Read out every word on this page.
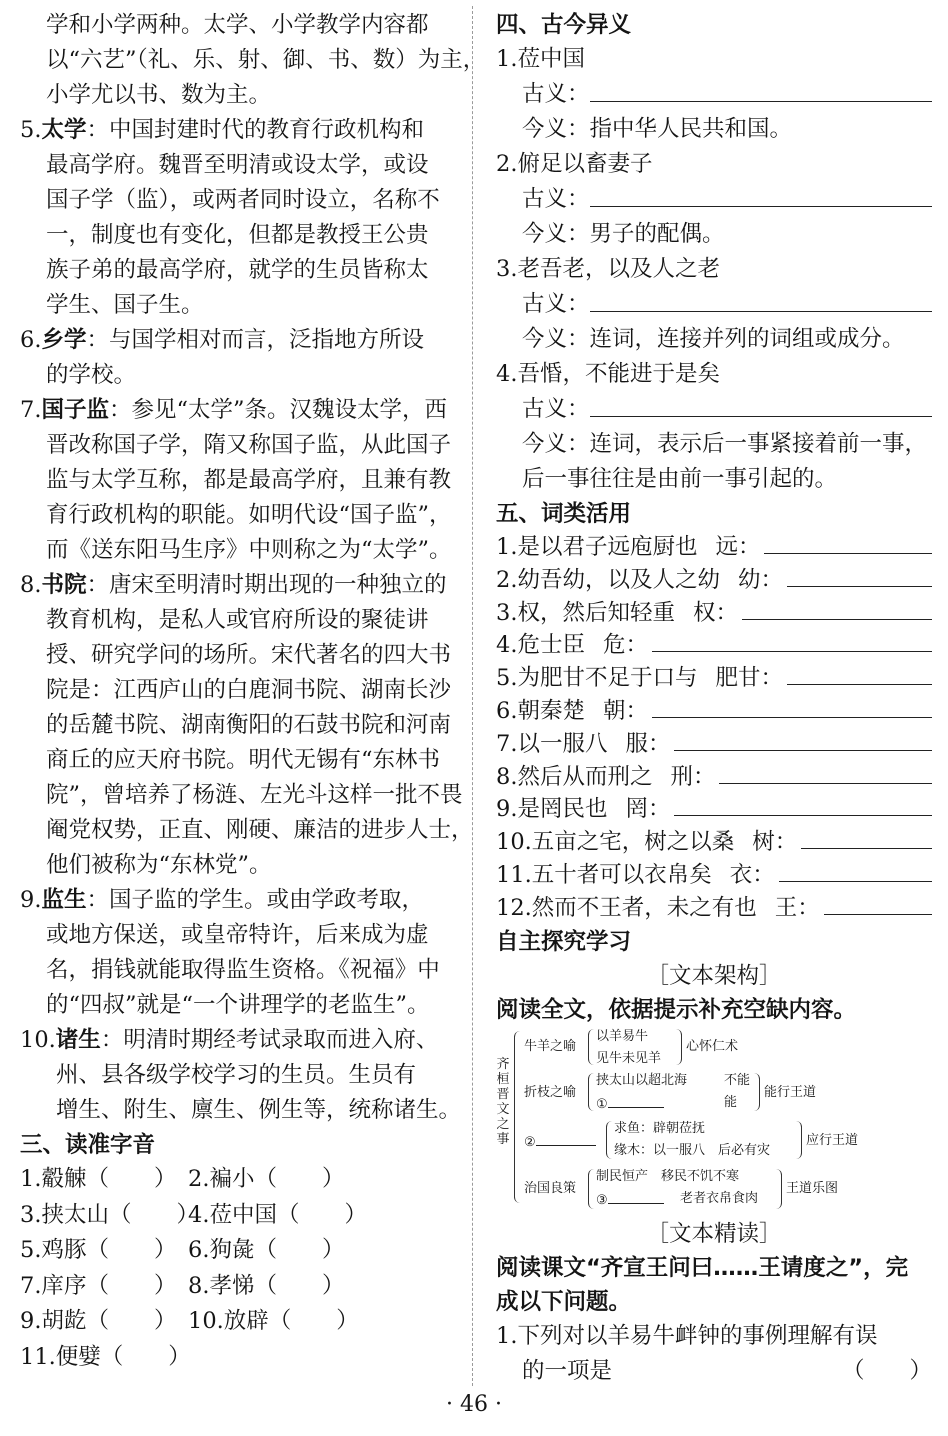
学和小学两种。太学、小学教学内容都
以“六艺”（礼、乐、射、御、书、数）为主，
小学尤以书、数为主。
5.太学：中国封建时代的教育行政机构和
最高学府。魏晋至明清或设太学，或设
国子学（监），或两者同时设立，名称不
一，制度也有变化，但都是教授王公贵
族子弟的最高学府，就学的生员皆称太
学生、国子生。
6.乡学：与国学相对而言，泛指地方所设
的学校。
7.国子监：参见“太学”条。汉魏设太学，西
晋改称国子学，隋又称国子监，从此国子
监与太学互称，都是最高学府，且兼有教
育行政机构的职能。如明代设“国子监”，
而《送东阳马生序》中则称之为“太学”。
8.书院：唐宋至明清时期出现的一种独立的
教育机构，是私人或官府所设的聚徒讲
授、研究学问的场所。宋代著名的四大书
院是：江西庐山的白鹿洞书院、湖南长沙
的岳麓书院、湖南衡阳的石鼓书院和河南
商丘的应天府书院。明代无锡有“东林书
院”，曾培养了杨涟、左光斗这样一批不畏
阉党权势，正直、刚硬、廉洁的进步人士，
他们被称为“东林党”。
9.监生：国子监的学生。或由学政考取，
或地方保送，或皇帝特许，后来成为虚
名，捐钱就能取得监生资格。《祝福》中
的“四叔”就是“一个讲理学的老监生”。
10.诸生：明清时期经考试录取而进入府、
州、县各级学校学习的生员。生员有
增生、附生、廪生、例生等，统称诸生。
三、读准字音
1.觳觫（　　） 2.褊小（　　）
3.挟太山（　　）
4.莅中国（　　）
5.鸡豚（　　） 6.狗彘（　　）
7.庠序（　　） 8.孝悌（　　）
9.胡龁（　　） 10.放辟（　　）
11.便嬖（　　）
四、古今异义
1.莅中国
古义：
今义：指中华人民共和国。
2.俯足以畜妻子
古义：
今义：男子的配偶。
3.老吾老，以及人之老
古义：
今义：连词，连接并列的词组或成分。
4.吾惛，不能进于是矣
古义：
今义：连词，表示后一事紧接着前一事，
后一事往往是由前一事引起的。
五、词类活用
1.是以君子远庖厨也 远：
2.幼吾幼，以及人之幼 幼：
3.权，然后知轻重 权：
4.危士臣 危：
5.为肥甘不足于口与 肥甘：
6.朝秦楚 朝：
7.以一服八 服：
8.然后从而刑之 刑：
9.是罔民也 罔：
10.五亩之宅，树之以桑 树：
11.五十者可以衣帛矣 衣：
12.然而不王者，未之有也 王：
自主探究学习
［文本架构］
阅读全文，依据提示补充空缺内容。
齐桓晋文之事
牛羊之喻
以羊易牛
见牛未见羊
心怀仁术
折枝之喻
挟太山以超北海
①
不能
能
能行王道
②
求鱼：辟朝莅抚
缘木：以一服八　后必有灾
应行王道
治国良策
制民恒产　移民不饥不寒
③	老者衣帛食肉
王道乐图
［文本精读］
阅读课文“齐宣王问曰……王请度之”，完
成以下问题。
1.下列对以羊易牛衅钟的事例理解有误
的一项是	（　　）
· 46 ·
